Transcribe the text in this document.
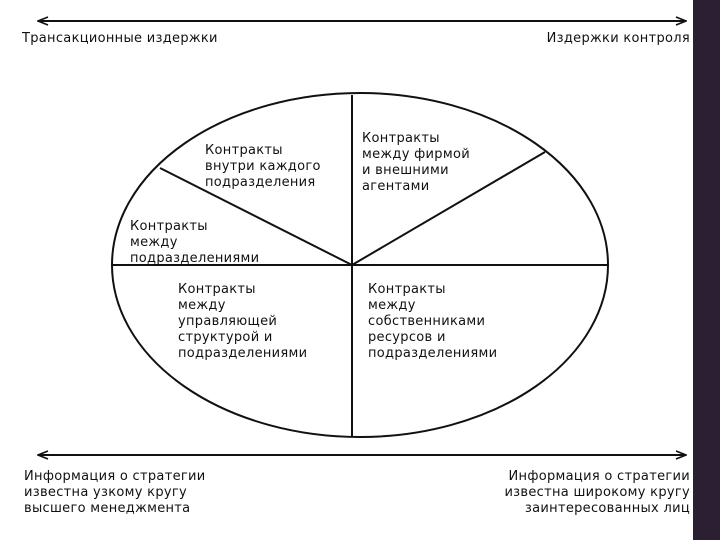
Трансакционные издержки	Издержки контроля
Контракты
внутри каждого
подразделения
Контракты
между фирмой
и внешними
агентами
Контракты
между
подразделениями
Контракты
между
управляющей
структурой и
подразделениями
Контракты
между
собственниками
ресурсов и
подразделениями
Информация о стратегии
известна узкому кругу
высшего менеджмента
Информация о стратегии
известна широкому кругу
заинтересованных лиц
